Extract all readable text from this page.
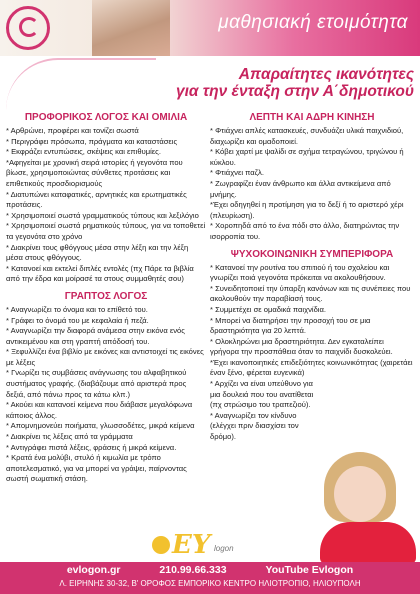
μαθησιακή ετοιμότητα
Απαραίτητες ικανότητες
για την ένταξη στην Α΄δημοτικού
ΠΡΟΦΟΡΙΚΟΣ ΛΟΓΟΣ ΚΑΙ ΟΜΙΛΙΑ

* Αρθρώνει, προφέρει και τονίζει σωστά

* Περιγράφει πρόσωπα, πράγματα και καταστάσεις

* Εκφράζει εντυπώσεις, σκέψεις και επιθυμίες.

*Αφηγείται με χρονική σειρά ιστορίες ή γεγονότα που βίωσε, χρησιμοποιώντας σύνθετες προτάσεις και επιθετικούς προσδιορισμούς

* Διατυπώνει καταφατικές, αρνητικές και ερωτηματικές προτάσεις.

* Χρησιμοποιεί σωστά γραμματικούς τύπους και λεξιλόγιο

* Χρησιμοποιεί σωστά ρηματικούς τύπους, για να τοποθετεί τα γεγονότα στο χρόνο

* Διακρίνει τους φθόγγους μέσα στην λέξη και την λέξη μέσα στους φθόγγους.

* Κατανοεί και εκτελεί διπλές εντολές (πχ Πάρε τα βιβλία από την έδρα και μοίρασέ τα στους συμμαθητές σου)

ΓΡΑΠΤΟΣ ΛΟΓΟΣ

* Αναγνωρίζει το όνομα και το επίθετό του.

* Γράφει το όνομά του με κεφαλαία ή πεζά.

* Αναγνωρίζει την διαφορά ανάμεσα στην εικόνα ενός αντικειμένου και στη γραπτή απόδοσή του.

* Ξεφυλλίζει ένα βιβλίο με εικόνες και αντιστοιχεί τις εικόνες με λέξεις

* Γνωρίζει τις συμβάσεις ανάγνωσης του αλφαβητικού συστήματος γραφής. (διαβάζουμε από αριστερά προς δεξιά, από πάνω προς τα κάτω κλπ.)

* Ακούει και κατανοεί κείμενα που διάβασε μεγαλόφωνα κάποιος άλλος.

* Απομνημονεύει ποιήματα, γλωσσοδέτες, μικρά κείμενα

* Διακρίνει τις λέξεις από τα γράμματα

* Αντιγράφει πιστά λέξεις, φράσεις ή μικρά κείμενα.

* Κρατά ένα μολύβι, στυλό ή κιμωλία με τρόπο αποτελεσματικό, για να μπορεί να γράψει, παίρνοντας σωστή σωματική στάση.

ΛΕΠΤΗ ΚΑΙ ΑΔΡΗ ΚΙΝΗΣΗ

* Φτιάχνει απλές κατασκευές, συνδυάζει υλικά παιχνιδιού, διαχωρίζει και ομαδοποιεί.

* Κόβει χαρτί με ψαλίδι σε σχήμα τετραγώνου, τριγώνου ή κύκλου.

* Φτιάχνει παζλ.

* Ζωγραφίζει έναν άνθρωπο και άλλα αντικείμενα από μνήμης.

*Έχει οδηγηθεί η προτίμηση για το δεξί ή το αριστερό χέρι (πλευρίωση).

* Χοροπηδά από το ένα πόδι στο άλλο, διατηρώντας την ισορροπία του.

ΨΥΧΟΚΟΙΝΩΝΙΚΗ ΣΥΜΠΕΡΙΦΟΡΑ

* Κατανοεί την ρουτίνα του σπιτιού ή του σχολείου και γνωρίζει ποιά γεγονότα πρόκειται να ακολουθήσουν.

* Συνειδητοποιεί την ύπαρξη κανόνων και τις συνέπειες που ακολουθούν την παραβίασή τους.

* Συμμετέχει σε ομαδικά παιχνίδια.

* Μπορεί να διατηρήσει την προσοχή του σε μια δραστηριότητα για 20 λεπτά.

* Ολοκληρώνει μια δραστηριότητα. Δεν εγκαταλείπει γρήγορα την προσπάθεια όταν το παιχνίδι δυσκολεύει.

*Έχει ικανοποιητικές επιδεξιότητες κοινωνικότητας (χαιρετάει έναν ξένο, φέρεται ευγενικά)

* Αρχίζει να είναι υπεύθυνο για μια δουλειά που του ανατίθεται (πχ στρώσιμο του τραπεζιού).

* Αναγνωρίζει τον κίνδυνο (ελέγχει πριν διασχίσει τον δρόμο).

EY logon
evlogon.gr	210.99.66.333	YouTube Evlogon
Λ. ΕΙΡΗΝΗΣ 30-32, Β' ΟΡΟΦΟΣ ΕΜΠΟΡΙΚΟ ΚΕΝΤΡΟ ΗΛΙΟΤΡΟΠΙΟ, ΗΛΙΟΥΠΟΛΗ
